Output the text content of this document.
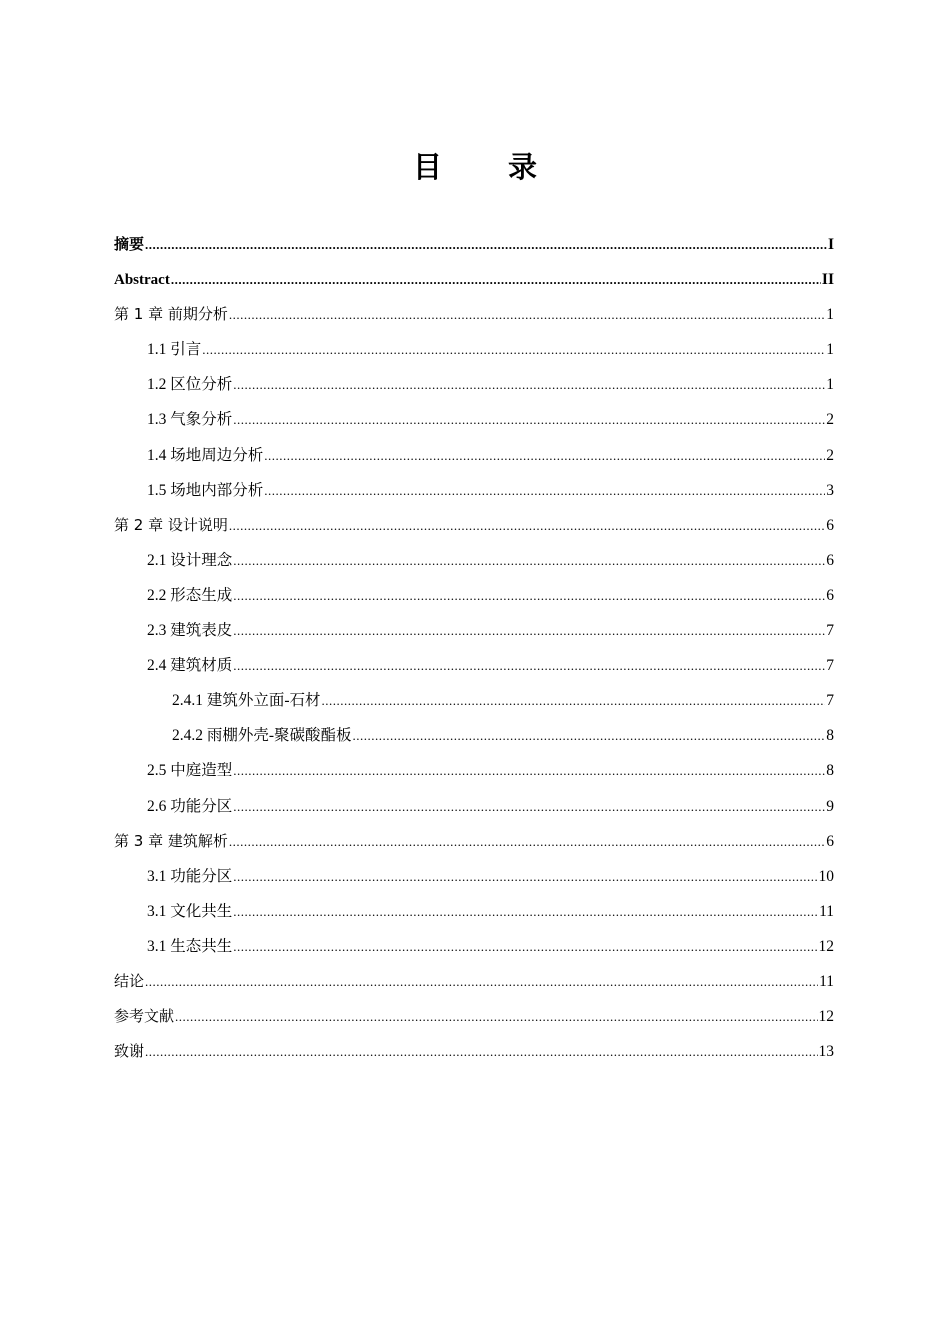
目 录
摘要 .....	I
Abstract .....	II
第 1 章 前期分析 .....	1
1.1 引言 .....	1
1.2 区位分析 .....	1
1.3 气象分析 .....	2
1.4 场地周边分析 .....	2
1.5 场地内部分析 .....	3
第 2 章 设计说明 .....	6
2.1 设计理念 .....	6
2.2 形态生成 .....	6
2.3 建筑表皮 .....	7
2.4 建筑材质 .....	7
2.4.1 建筑外立面-石材 .....	7
2.4.2 雨棚外壳-聚碳酸酯板 .....	8
2.5 中庭造型 .....	8
2.6 功能分区 .....	9
第 3 章 建筑解析 .....	6
3.1 功能分区 .....	10
3.1 文化共生 .....	11
3.1 生态共生 .....	12
结论 .....	11
参考文献 .....	12
致谢 .....	13
